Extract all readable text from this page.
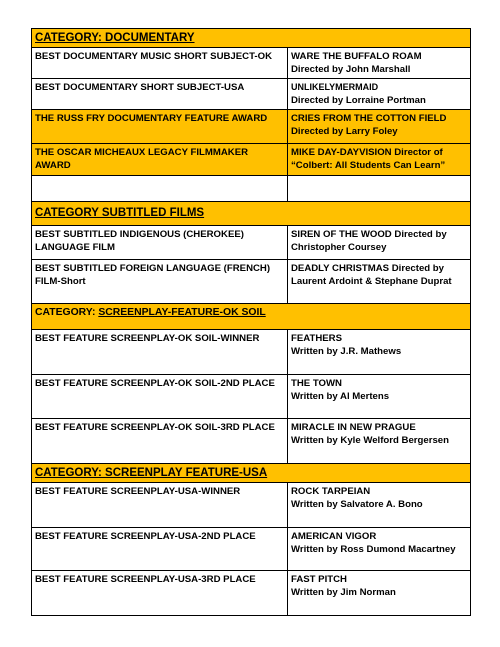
CATEGORY: DOCUMENTARY	
BEST DOCUMENTARY MUSIC SHORT SUBJECT-OK	WARE THE BUFFALO ROAM
Directed by John Marshall

BEST DOCUMENTARY SHORT SUBJECT-USA	UNLIKELYMERMAID
Directed by Lorraine Portman

THE RUSS FRY DOCUMENTARY FEATURE AWARD	CRIES FROM THE COTTON FIELD
Directed by Larry Foley

THE OSCAR MICHEAUX LEGACY FILMMAKER AWARD	MIKE DAY-DAYVISION Director of
“Colbert: All Students Can Learn”

CATEGORY SUBTITLED FILMS	
BEST SUBTITLED INDIGENOUS (CHEROKEE) LANGUAGE FILM	SIREN OF THE WOOD Directed by
Christopher Coursey

BEST SUBTITLED FOREIGN LANGUAGE (FRENCH) FILM-Short	DEADLY CHRISTMAS Directed by
Laurent Ardoint & Stephane Duprat

CATEGORY: SCREENPLAY-FEATURE-OK SOIL	
BEST FEATURE SCREENPLAY-OK SOIL-WINNER	FEATHERS
Written by J.R. Mathews

BEST FEATURE SCREENPLAY-OK SOIL-2ND PLACE	THE TOWN
Written by Al Mertens

BEST FEATURE SCREENPLAY-OK SOIL-3RD PLACE	MIRACLE IN NEW PRAGUE
Written by Kyle Welford Bergersen

CATEGORY: SCREENPLAY FEATURE-USA	
BEST FEATURE SCREENPLAY-USA-WINNER	ROCK TARPEIAN
Written by Salvatore A. Bono

BEST FEATURE SCREENPLAY-USA-2ND PLACE	AMERICAN VIGOR
Written by Ross Dumond Macartney

BEST FEATURE SCREENPLAY-USA-3RD PLACE	FAST PITCH
Written by Jim Norman
